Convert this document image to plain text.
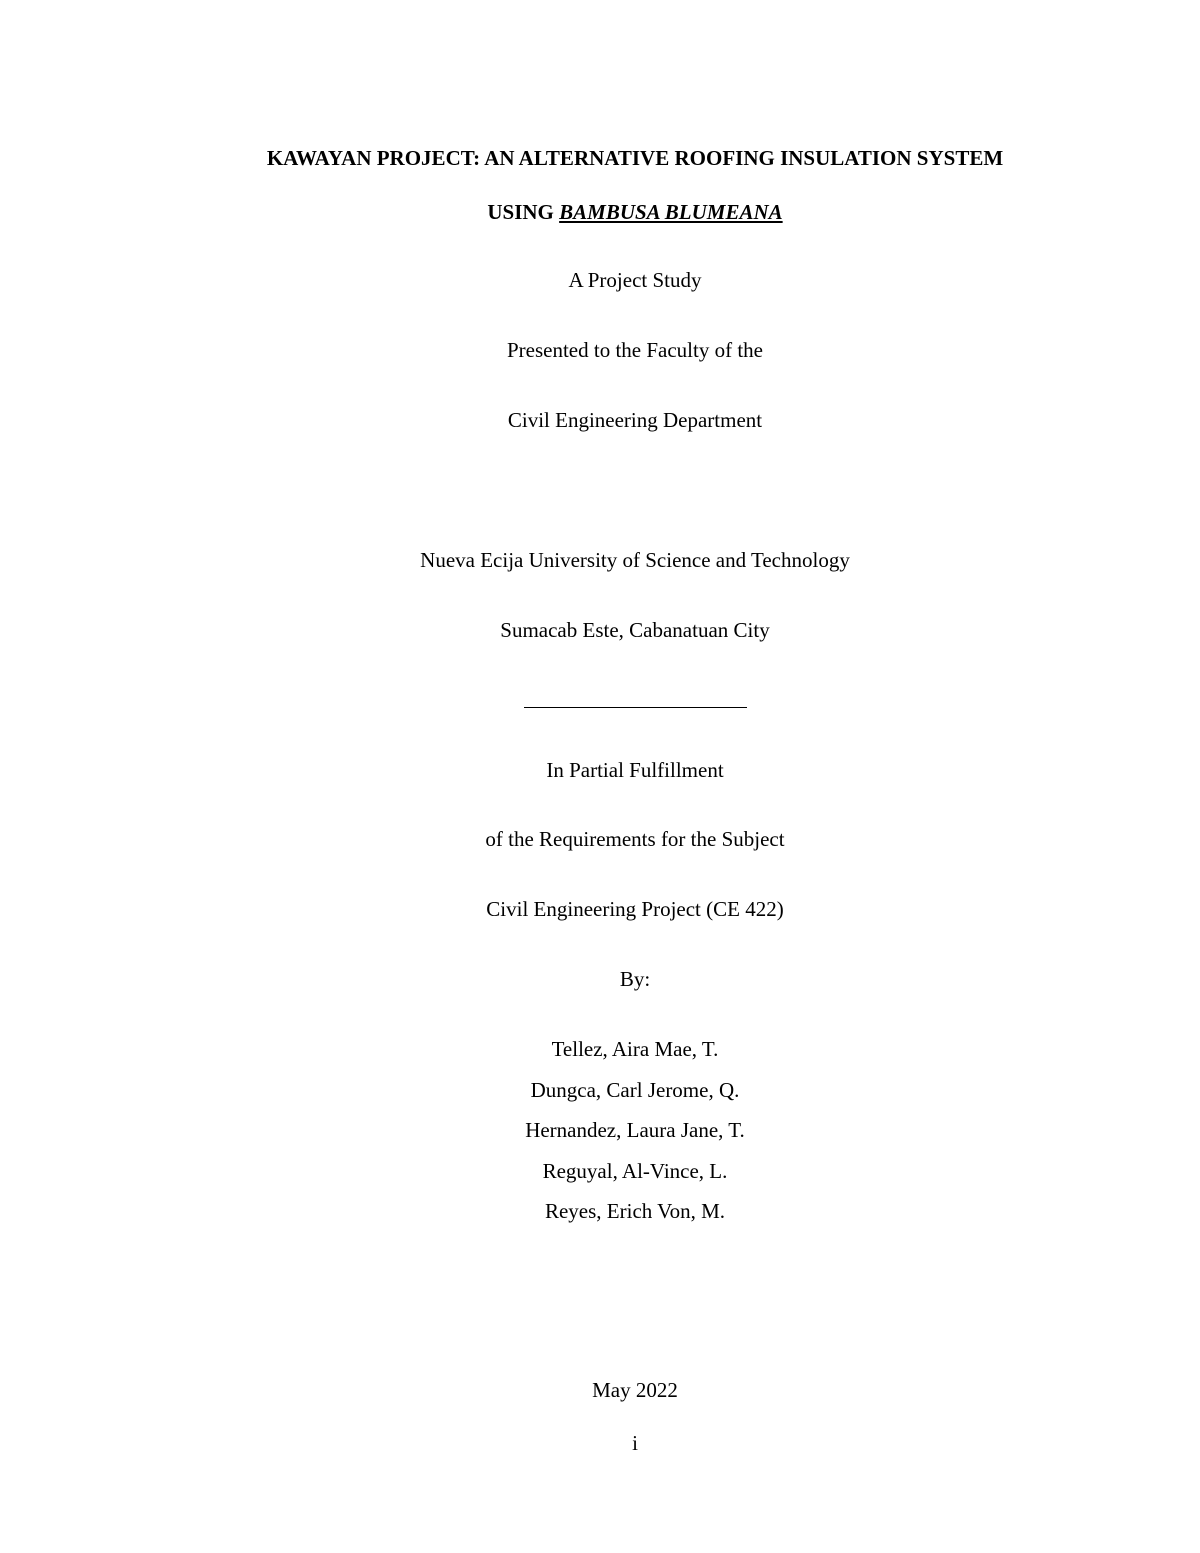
KAWAYAN PROJECT: AN ALTERNATIVE ROOFING INSULATION SYSTEM
USING BAMBUSA BLUMEANA
A Project Study
Presented to the Faculty of the
Civil Engineering Department
Nueva Ecija University of Science and Technology
Sumacab Este, Cabanatuan City
In Partial Fulfillment
of the Requirements for the Subject
Civil Engineering Project (CE 422)
By:
Tellez, Aira Mae, T.
Dungca, Carl Jerome, Q.
Hernandez, Laura Jane, T.
Reguyal, Al-Vince, L.
Reyes, Erich Von, M.
May 2022
i
